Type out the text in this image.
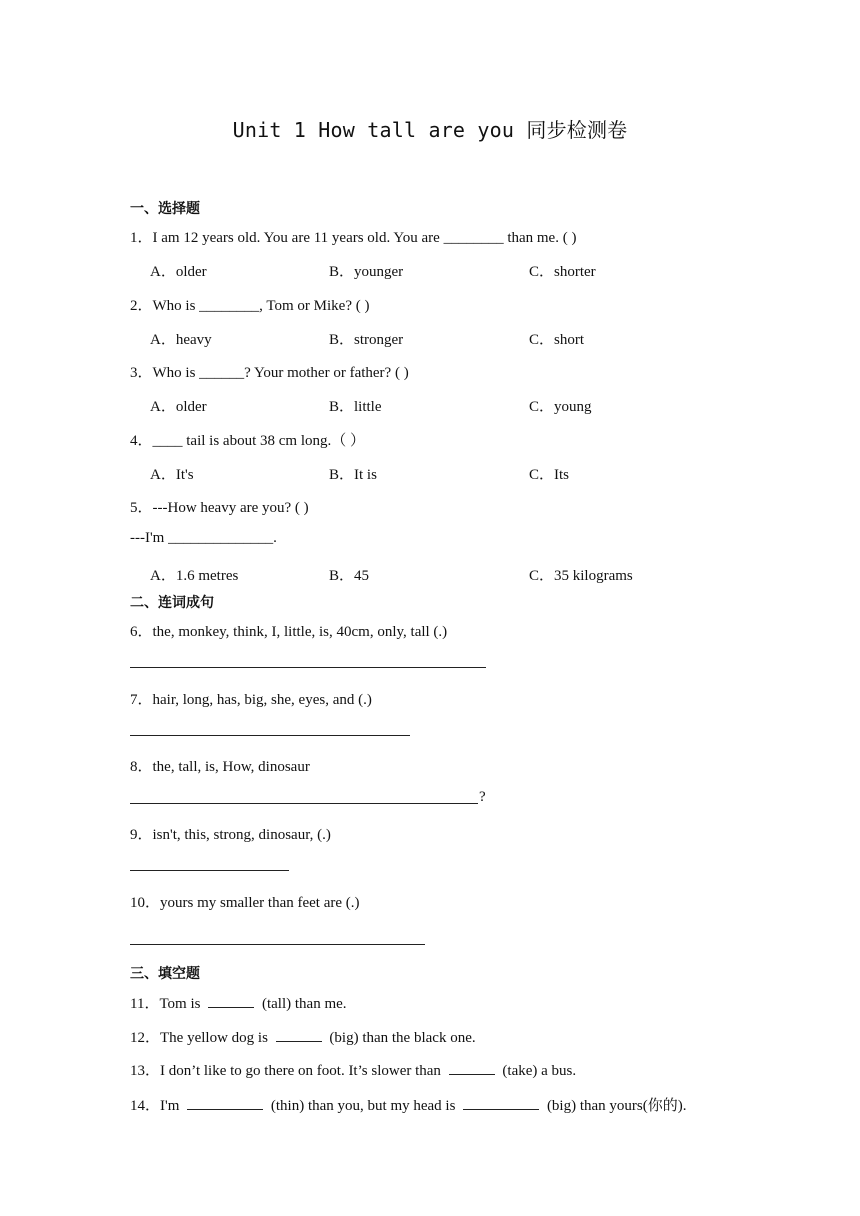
Unit 1 How tall are you 同步检测卷
一、选择题
1．I am 12 years old. You are 11 years old. You are ________ than me. ( )
A．older	B．younger	C．shorter
2．Who is ________, Tom or Mike? ( )
A．heavy	B．stronger	C．short
3．Who is ______? Your mother or father? ( )
A．older	B．little	C．young
4．____ tail is about 38 cm long.（ ）
A．It's	B．It is	C．Its
5．---How heavy are you? ( )
---I'm ______________.
A．1.6 metres	B．45	C．35 kilograms
二、连词成句
6．the, monkey, think, I, little, is, 40cm, only, tall (.)
7．hair, long, has, big, she, eyes, and (.)
8．the, tall, is, How, dinosaur
?
9．isn't, this, strong, dinosaur, (.)
10．yours my smaller than feet are (.)
三、填空题
11．Tom is	(tall) than me.
12．The yellow dog is	(big) than the black one.
13．I don’t like to go there on foot. It’s slower than	(take) a bus.
14．I'm	(thin) than you, but my head is	(big) than yours(你的).
